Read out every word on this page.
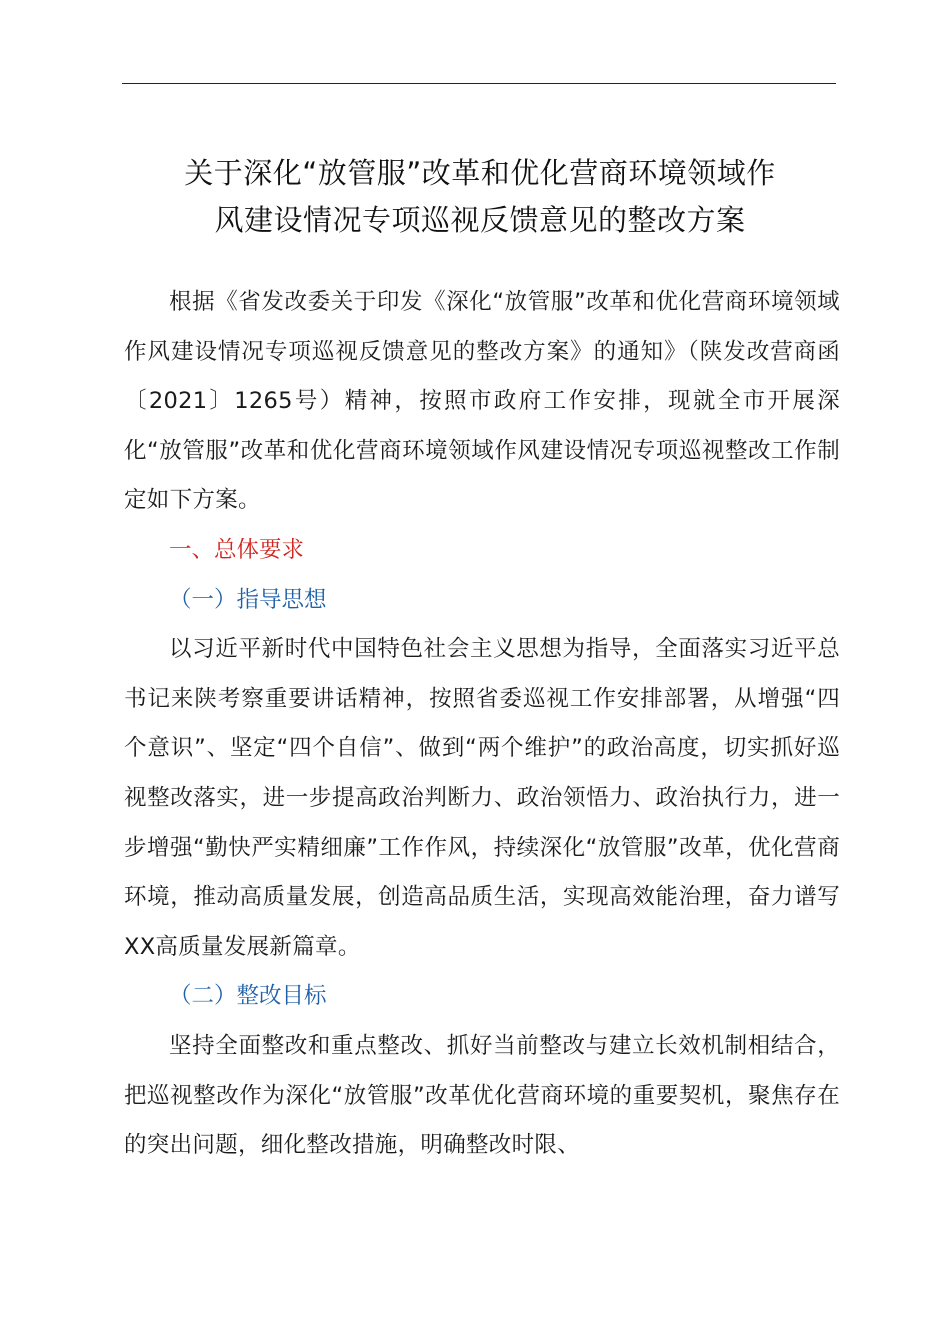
关于深化“放管服”改革和优化营商环境领域作
风建设情况专项巡视反馈意见的整改方案

根据《省发改委关于印发《深化“放管服”改革和优化营商环境领域作风建设情况专项巡视反馈意见的整改方案》的通知》（陕发改营商函〔2021〕1265号）精神，按照市政府工作安排，现就全市开展深化“放管服”改革和优化营商环境领域作风建设情况专项巡视整改工作制定如下方案。

一、总体要求

（一）指导思想

以习近平新时代中国特色社会主义思想为指导，全面落实习近平总书记来陕考察重要讲话精神，按照省委巡视工作安排部署，从增强“四个意识”、坚定“四个自信”、做到“两个维护”的政治高度，切实抓好巡视整改落实，进一步提高政治判断力、政治领悟力、政治执行力，进一步增强“勤快严实精细廉”工作作风，持续深化“放管服”改革，优化营商环境，推动高质量发展，创造高品质生活，实现高效能治理，奋力谱写XX高质量发展新篇章。

（二）整改目标

坚持全面整改和重点整改、抓好当前整改与建立长效机制相结合，把巡视整改作为深化“放管服”改革优化营商环境的重要契机，聚焦存在的突出问题，细化整改措施，明确整改时限、
